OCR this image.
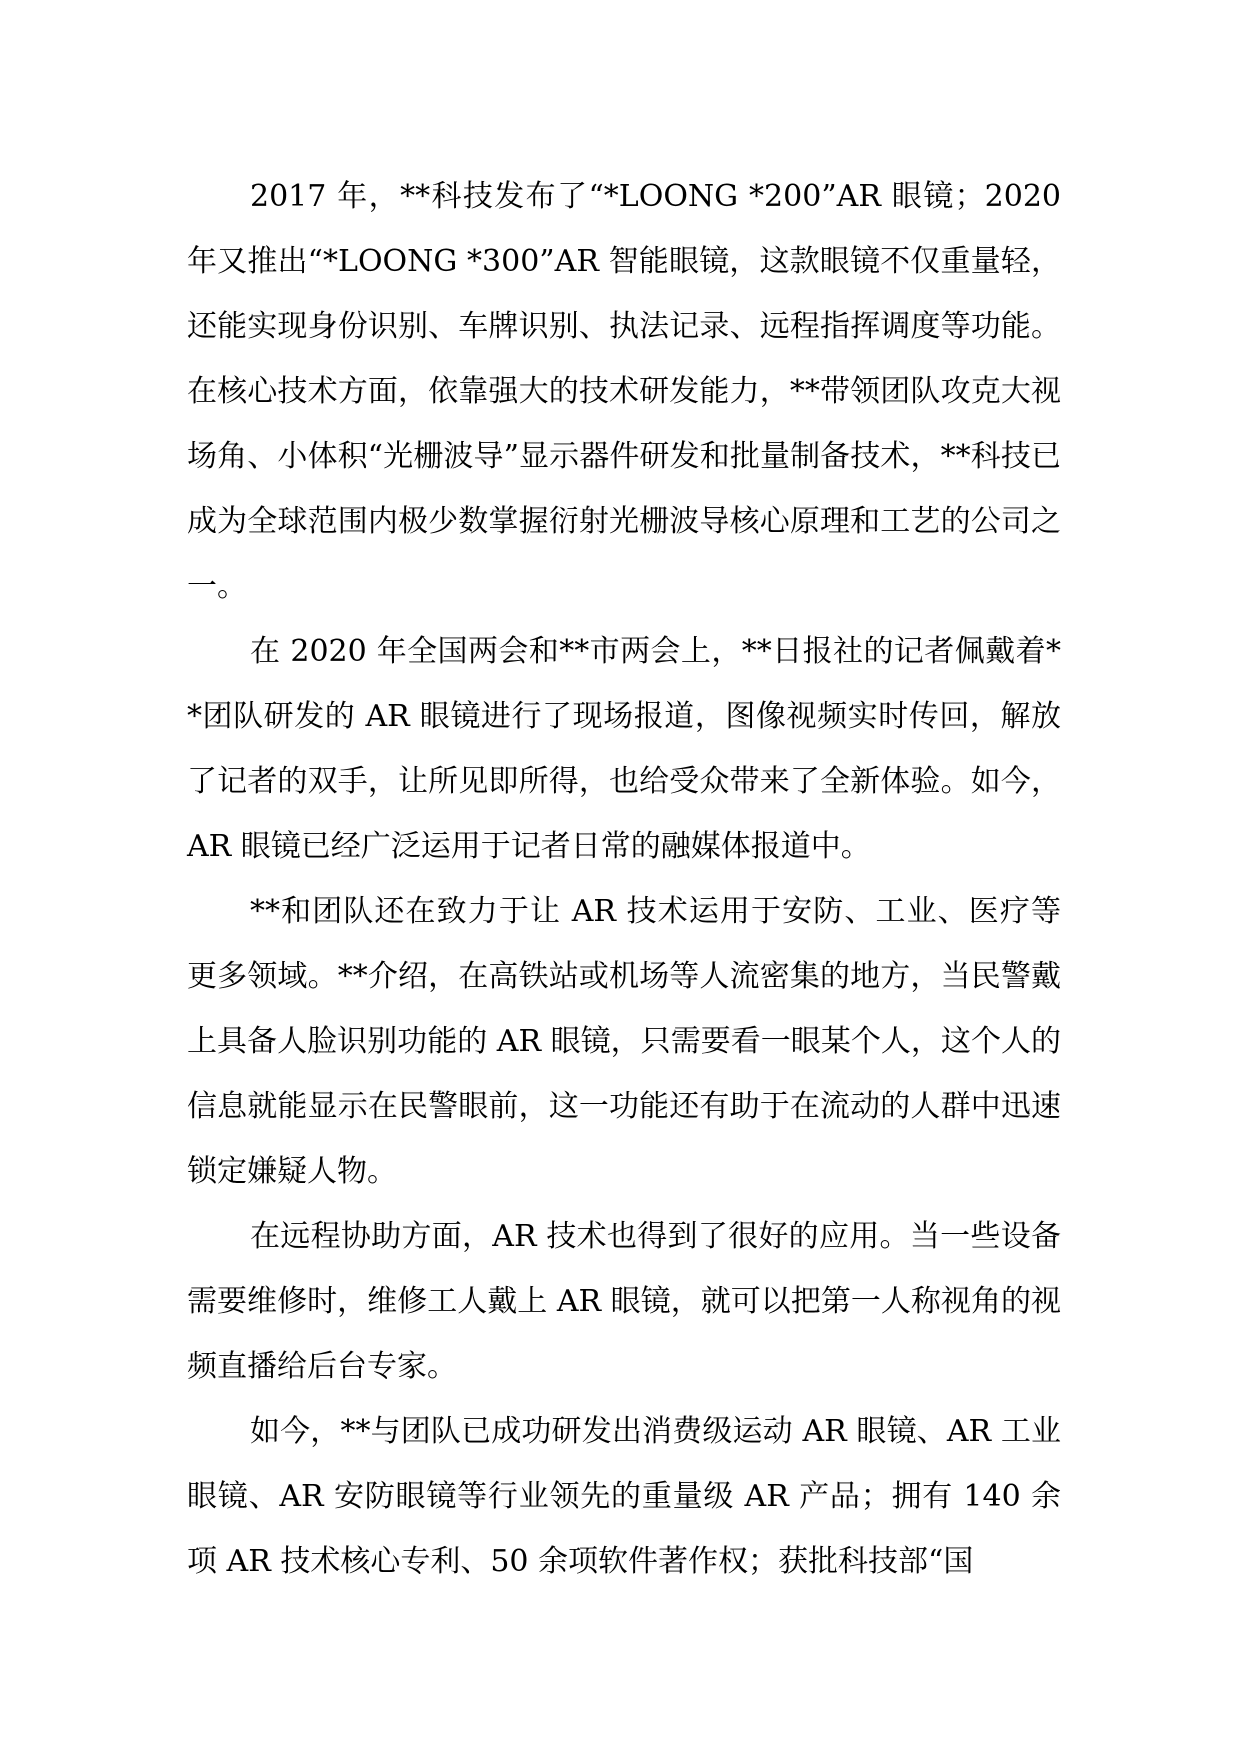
2017 年，**科技发布了“*LOONG *200”AR 眼镜；2020 年又推出“*LOONG *300”AR 智能眼镜，这款眼镜不仅重量轻，还能实现身份识别、车牌识别、执法记录、远程指挥调度等功能。在核心技术方面，依靠强大的技术研发能力，**带领团队攻克大视场角、小体积“光栅波导”显示器件研发和批量制备技术，**科技已成为全球范围内极少数掌握衍射光栅波导核心原理和工艺的公司之一。

在 2020 年全国两会和**市两会上，**日报社的记者佩戴着**团队研发的 AR 眼镜进行了现场报道，图像视频实时传回，解放了记者的双手，让所见即所得，也给受众带来了全新体验。如今，AR 眼镜已经广泛运用于记者日常的融媒体报道中。

**和团队还在致力于让 AR 技术运用于安防、工业、医疗等更多领域。**介绍，在高铁站或机场等人流密集的地方，当民警戴上具备人脸识别功能的 AR 眼镜，只需要看一眼某个人，这个人的信息就能显示在民警眼前，这一功能还有助于在流动的人群中迅速锁定嫌疑人物。

在远程协助方面，AR 技术也得到了很好的应用。当一些设备需要维修时，维修工人戴上 AR 眼镜，就可以把第一人称视角的视频直播给后台专家。

如今，**与团队已成功研发出消费级运动 AR 眼镜、AR 工业眼镜、AR 安防眼镜等行业领先的重量级 AR 产品；拥有 140 余项 AR 技术核心专利、50 余项软件著作权；获批科技部“国
